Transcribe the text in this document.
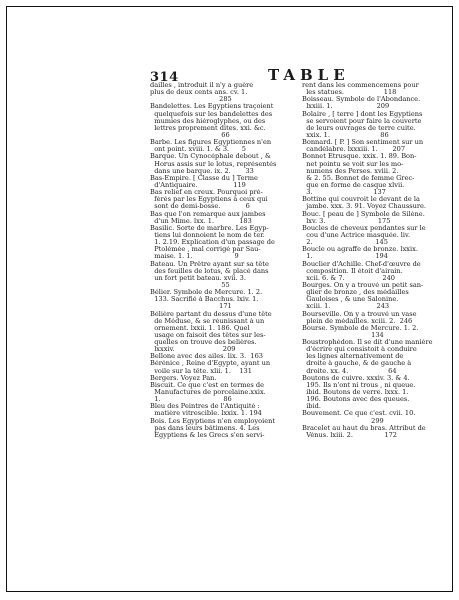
314	TABLE
dailles , introduit il n'y a guère
plus de deux cents ans. cv. 1.
285
Bandelettes. Les Egyptiens traçoient
quelquefois sur les bandelettes des
mumies des hiéroglyphes, ou des
lettres proprement dites. xxi. &c.
66
Barbe. Les figures Egyptiennes n'en
ont point. xviii. 1. & 3.      5
Barque. Un Cynocéphale debout , &
Horus assis sur le lotus, représentés
dans une barque. ix. 2.       33
Bas-Empire. [ Classe du ] Terme
d'Antiquaire.                 119
Bas relief en creux. Pourquoi pré-
férés par les Egyptiens à ceux qui
sont de demi-bosse.            6
Bas que l'on remarque aux jambes
d'un Mime. lxx. 1.            183
Basilic. Sorte de marbre. Les Egyp-
tiens lui donnoient le nom de ter.
1. 2.19. Explication d'un passage de
Ptolémée , mal corrigé par Sau-
maise. 1. 1.                    9
Bateau. Un Prêtre ayant sur sa tête
des feuilles de lotus, & placé dans
un fort petit bateau. xvii. 3.
55
Bélier. Symbole de Mercure. 1. 2.
133. Sacrifié à Bacchus. lxiv. 1.
171
Bélière partant du dessus d'une tête
de Méduse, & se réunissant à un
ornement. lxxii. 1. 186. Quel
usage on faisoit des têtes sur les-
quelles on trouve des belières.
lxxxiv.                       209
Bellone avec des ailes. lix. 3.  163
Bérénice , Reine d'Egypte, ayant un
voile sur la tête. xlii. 1.    131
Bergers. Voyez Pan.
Biscuit. Ce que c'est en termes de
Manufactures de porcelaine.xxix.
1.                              86
Bleu des Peintres de l'Antiquité :
matière vitrescible. lxxix. 1. 194
Bois. Les Egyptiens n'en employoient
pas dans leurs bâtimens. 4. Les
Egyptiens & les Grecs s'en servi-
rent dans les commencemens pour
les statues.                   118
Boisseau. Symbole de l'Abondance.
lxxiii. 1.                     209
Bolaire , [ terre ] dont les Egyptiens
se servoient pour faire la couverte
de leurs ouvrages de terre cuite.
xxix. 1.                        86
Bonnard. [ P. ] Son sentiment sur un
candélabre. lxxxiii. 1.       207
Bonnet Etrusque. xxix. 1. 89. Bon-
net pointu se voit sur les mo-
numens des Perses. xviii. 2.
& 2. 55. Bonnet de femme Grec-
que en forme de casque xlvii.
3.                             137
Bottine qui couvroit le devant de la
jambe. xxx. 3. 91. Voyez Chaussure.
Bouc. [ peau de ] Symbole de Silène.
lxv. 3.                         175
Boucles de cheveux pendantes sur le
cou d'une Actrice masquée. liv.
2.                              145
Boucle ou agraffe de bronze. lxxix.
1.                              194
Bouclier d'Achille. Chef-d'œuvre de
composition. Il étoit d'airain.
xcii. 6. & 7.                  240
Bourges. On y a trouvé un petit san-
glier de bronze , des médailles
Gauloises , & une Salonine.
xciii. 1.                      243
Bourseville. On y a trouvé un vase
plein de médailles. xciii. 2.  246
Bourse. Symbole de Mercure. 1. 2.
134
Boustrophédon. Il se dit d'une manière
d'écrire qui consistoit à conduire
les lignes alternativement de
droite à gauche, & de gauche à
droite. xx. 4.                   64
Boutons de cuivre. xxxiv. 3. & 4.
195. Ils n'ont ni trous , ni queue.
ibid. Boutons de verre. lxxx. 1.
196. Boutons avec des queues.
ibid.
Bouvement. Ce que c'est. cvii. 10.
299
Bracelet au haut du bras. Attribut de
Vénus. lxiii. 2.               172
